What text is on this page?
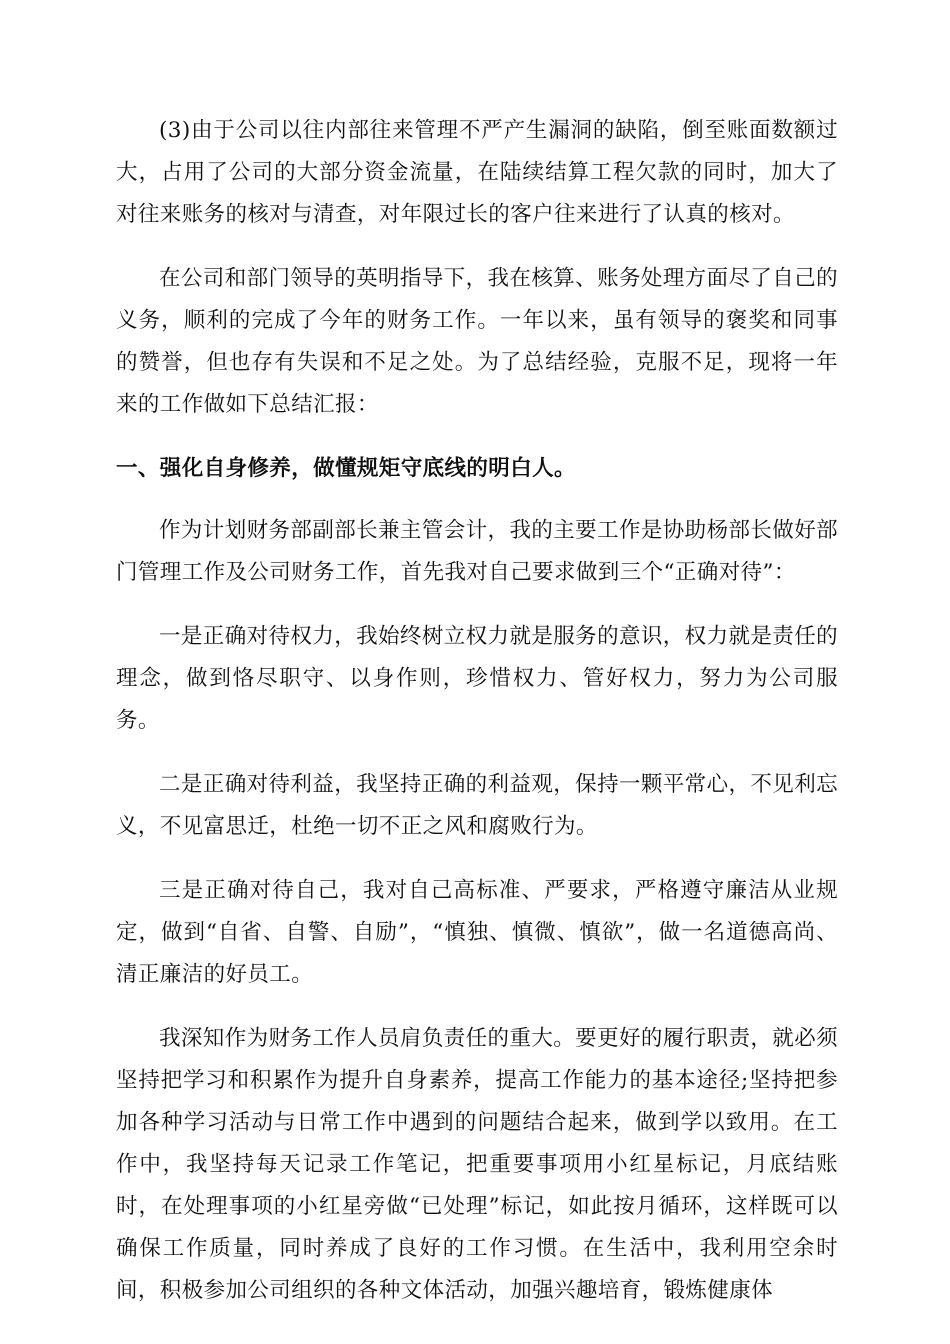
(3)由于公司以往内部往来管理不严产生漏洞的缺陷，倒至账面数额过大，占用了公司的大部分资金流量，在陆续结算工程欠款的同时，加大了对往来账务的核对与清查，对年限过长的客户往来进行了认真的核对。

在公司和部门领导的英明指导下，我在核算、账务处理方面尽了自己的义务，顺利的完成了今年的财务工作。一年以来，虽有领导的褒奖和同事的赞誉，但也存有失误和不足之处。为了总结经验，克服不足，现将一年来的工作做如下总结汇报：

一、强化自身修养，做懂规矩守底线的明白人。

作为计划财务部副部长兼主管会计，我的主要工作是协助杨部长做好部门管理工作及公司财务工作，首先我对自己要求做到三个“正确对待”：

一是正确对待权力，我始终树立权力就是服务的意识，权力就是责任的理念，做到恪尽职守、以身作则，珍惜权力、管好权力，努力为公司服务。

二是正确对待利益，我坚持正确的利益观，保持一颗平常心，不见利忘义，不见富思迁，杜绝一切不正之风和腐败行为。

三是正确对待自己，我对自己高标准、严要求，严格遵守廉洁从业规定，做到“自省、自警、自励”，“慎独、慎微、慎欲”，做一名道德高尚、清正廉洁的好员工。

我深知作为财务工作人员肩负责任的重大。要更好的履行职责，就必须坚持把学习和积累作为提升自身素养，提高工作能力的基本途径;坚持把参加各种学习活动与日常工作中遇到的问题结合起来，做到学以致用。在工作中，我坚持每天记录工作笔记，把重要事项用小红星标记，月底结账时，在处理事项的小红星旁做“已处理”标记，如此按月循环，这样既可以确保工作质量，同时养成了良好的工作习惯。在生活中，我利用空余时间，积极参加公司组织的各种文体活动，加强兴趣培育，锻炼健康体
